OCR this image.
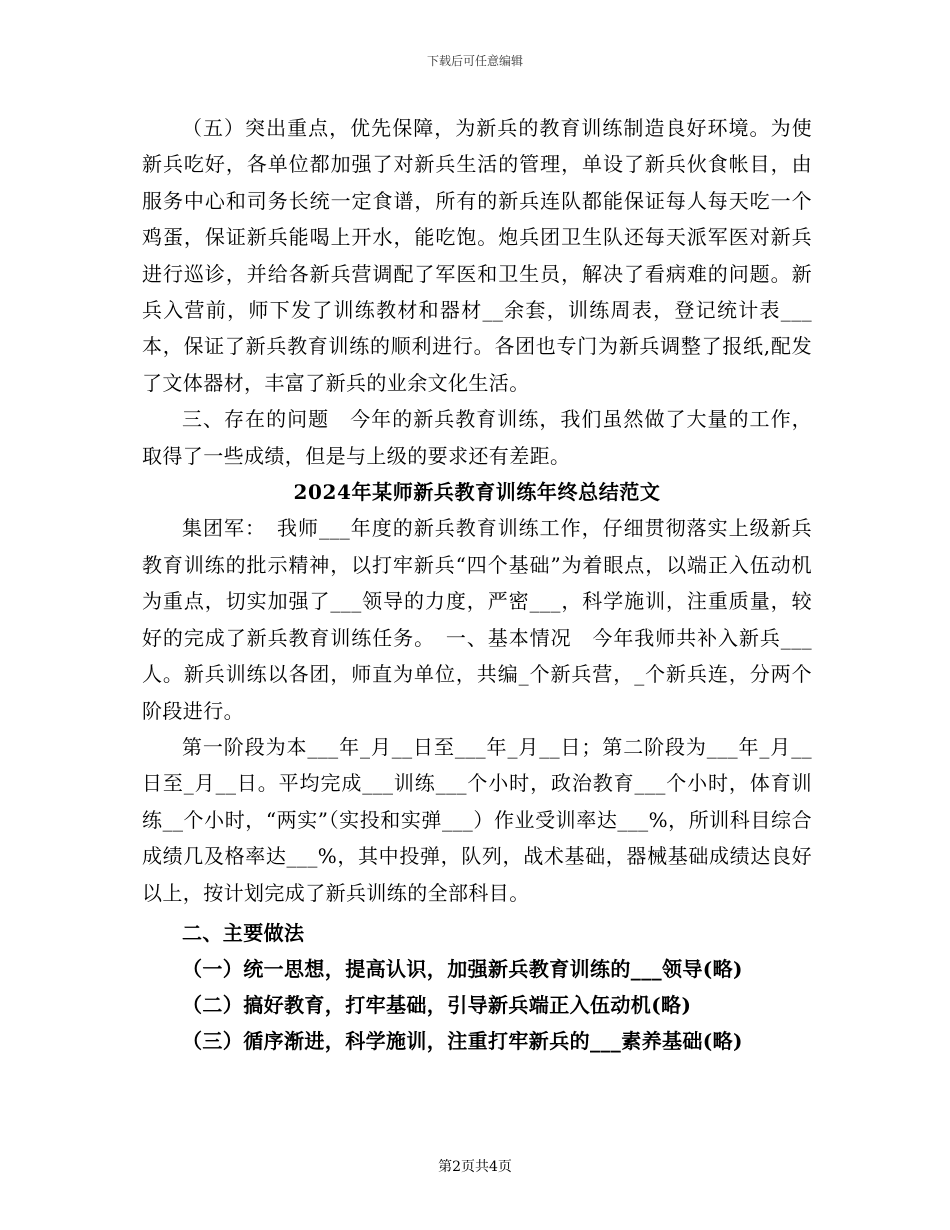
下载后可任意编辑

（五）突出重点，优先保障，为新兵的教育训练制造良好环境。为使新兵吃好，各单位都加强了对新兵生活的管理，单设了新兵伙食帐目，由服务中心和司务长统一定食谱，所有的新兵连队都能保证每人每天吃一个鸡蛋，保证新兵能喝上开水，能吃饱。炮兵团卫生队还每天派军医对新兵进行巡诊，并给各新兵营调配了军医和卫生员，解决了看病难的问题。新兵入营前，师下发了训练教材和器材__余套，训练周表，登记统计表___本，保证了新兵教育训练的顺利进行。各团也专门为新兵调整了报纸,配发了文体器材，丰富了新兵的业余文化生活。

三、存在的问题　今年的新兵教育训练，我们虽然做了大量的工作，取得了一些成绩，但是与上级的要求还有差距。

2024年某师新兵教育训练年终总结范文

集团军：　我师___年度的新兵教育训练工作，仔细贯彻落实上级新兵教育训练的批示精神，以打牢新兵“四个基础”为着眼点，以端正入伍动机为重点，切实加强了___领导的力度，严密___，科学施训，注重质量，较好的完成了新兵教育训练任务。　一、基本情况　今年我师共补入新兵___人。新兵训练以各团，师直为单位，共编_个新兵营，_个新兵连，分两个阶段进行。

第一阶段为本___年_月__日至___年_月__日；第二阶段为___年_月__日至_月__日。平均完成___训练___个小时，政治教育___个小时，体育训练__个小时，“两实”（实投和实弹___）作业受训率达___%，所训科目综合成绩几及格率达___%，其中投弹，队列，战术基础，器械基础成绩达良好以上，按计划完成了新兵训练的全部科目。

二、主要做法

（一）统一思想，提高认识，加强新兵教育训练的___领导(略)

（二）搞好教育，打牢基础，引导新兵端正入伍动机(略)

（三）循序渐进，科学施训，注重打牢新兵的___素养基础(略)

第2页共4页
